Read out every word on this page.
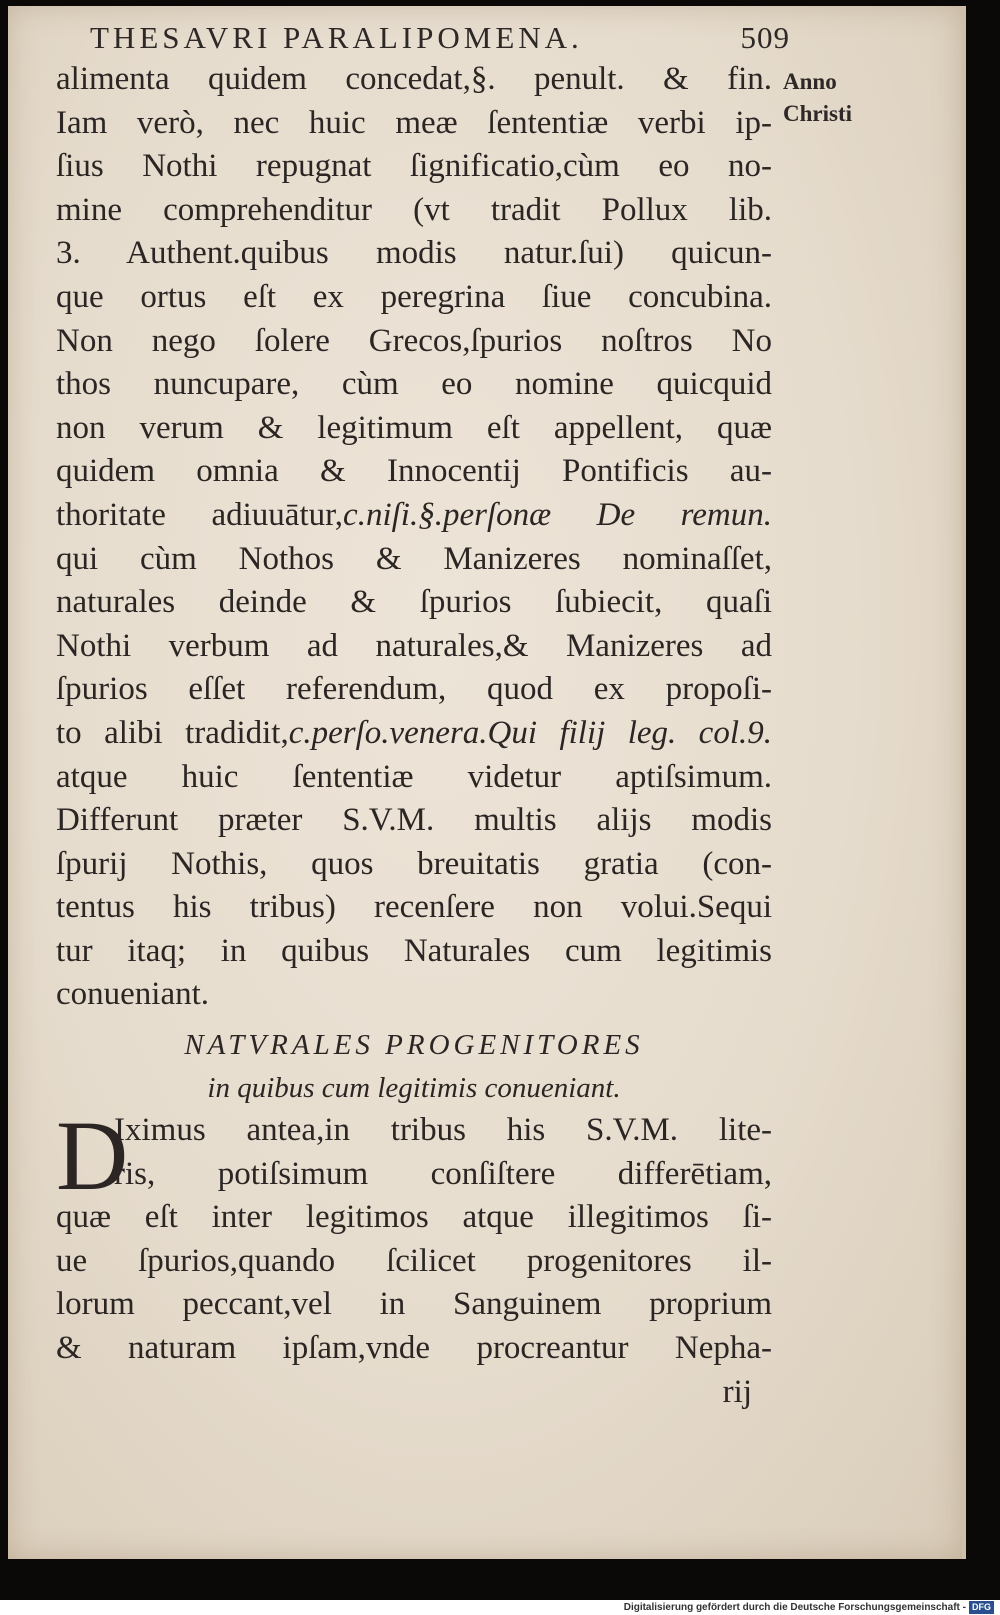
THESAVRI PARALIPOMENA.	509
Anno
Christi
alimenta quidem concedat,§. penult. & fin.
Iam verò, nec huic meæ ſententiæ verbi ip-
ſius Nothi repugnat ſignificatio,cùm eo no-
mine comprehenditur (vt tradit Pollux lib.
3. Authent.quibus modis natur.ſui) quicun-
que ortus eſt ex peregrina ſiue concubina.
Non nego ſolere Grecos,ſpurios noſtros No
thos nuncupare, cùm eo nomine quicquid
non verum & legitimum eſt appellent, quæ
quidem omnia & Innocentij Pontificis au-
thoritate adiuuātur,c.niſi.§.perſonæ De remun.
qui cùm Nothos & Manizeres nominaſſet,
naturales deinde & ſpurios ſubiecit, quaſi
Nothi verbum ad naturales,& Manizeres ad
ſpurios eſſet referendum, quod ex propoſi-
to alibi tradidit,c.perſo.venera.Qui filij leg. col.9.
atque huic ſententiæ videtur aptiſsimum.
Differunt præter S.V.M. multis alijs modis
ſpurij Nothis, quos breuitatis gratia (con-
tentus his tribus) recenſere non volui.Sequi
tur itaq; in quibus Naturales cum legitimis
conueniant.
NATVRALES PROGENITORES
in quibus cum legitimis conueniant.
D
Iximus antea,in tribus his S.V.M. lite-
ris, potiſsimum conſiſtere differētiam,
quæ eſt inter legitimos atque illegitimos ſi-
ue ſpurios,quando ſcilicet progenitores il-
lorum peccant,vel in Sanguinem proprium
& naturam ipſam,vnde procreantur Nepha-
rij
Digitalisierung gefördert durch die Deutsche Forschungsgemeinschaft - DFG
